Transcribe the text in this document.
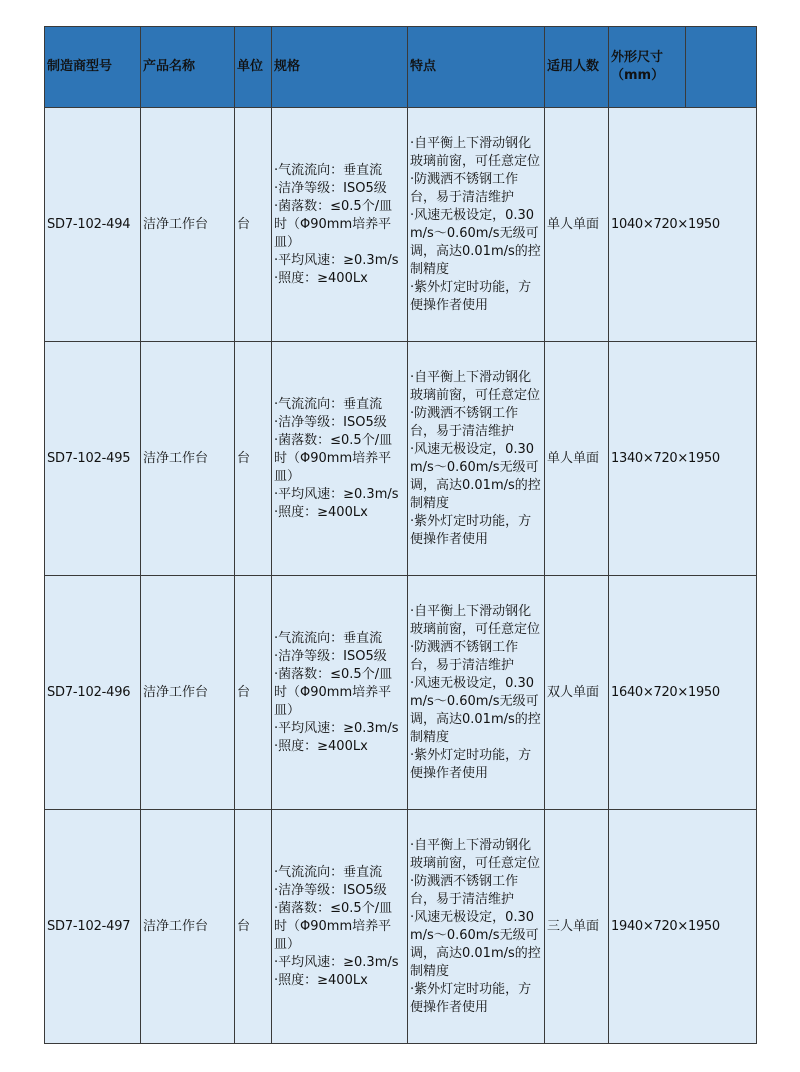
制造商型号	产品名称	单位	规格	特点	适用人数	外形尺寸（mm）	
SD7-102-494	洁净工作台	台	·气流流向：垂直流
·洁净等级：ISO5级
·菌落数：≤0.5个/皿时（Φ90mm培养平皿）
·平均风速：≥0.3m/s
·照度：≥400Lx	·自平衡上下滑动钢化玻璃前窗，可任意定位
·防溅洒不锈钢工作台，易于清洁维护
·风速无极设定，0.30m/s～0.60m/s无级可调，高达0.01m/s的控制精度
·紫外灯定时功能，方便操作者使用	单人单面	1040×720×1950	
SD7-102-495	洁净工作台	台	·气流流向：垂直流
·洁净等级：ISO5级
·菌落数：≤0.5个/皿时（Φ90mm培养平皿）
·平均风速：≥0.3m/s
·照度：≥400Lx	·自平衡上下滑动钢化玻璃前窗，可任意定位
·防溅洒不锈钢工作台，易于清洁维护
·风速无极设定，0.30m/s～0.60m/s无级可调，高达0.01m/s的控制精度
·紫外灯定时功能，方便操作者使用	单人单面	1340×720×1950	
SD7-102-496	洁净工作台	台	·气流流向：垂直流
·洁净等级：ISO5级
·菌落数：≤0.5个/皿时（Φ90mm培养平皿）
·平均风速：≥0.3m/s
·照度：≥400Lx	·自平衡上下滑动钢化玻璃前窗，可任意定位
·防溅洒不锈钢工作台，易于清洁维护
·风速无极设定，0.30m/s～0.60m/s无级可调，高达0.01m/s的控制精度
·紫外灯定时功能，方便操作者使用	双人单面	1640×720×1950	
SD7-102-497	洁净工作台	台	·气流流向：垂直流
·洁净等级：ISO5级
·菌落数：≤0.5个/皿时（Φ90mm培养平皿）
·平均风速：≥0.3m/s
·照度：≥400Lx	·自平衡上下滑动钢化玻璃前窗，可任意定位
·防溅洒不锈钢工作台，易于清洁维护
·风速无极设定，0.30m/s～0.60m/s无级可调，高达0.01m/s的控制精度
·紫外灯定时功能，方便操作者使用	三人单面	1940×720×1950	
